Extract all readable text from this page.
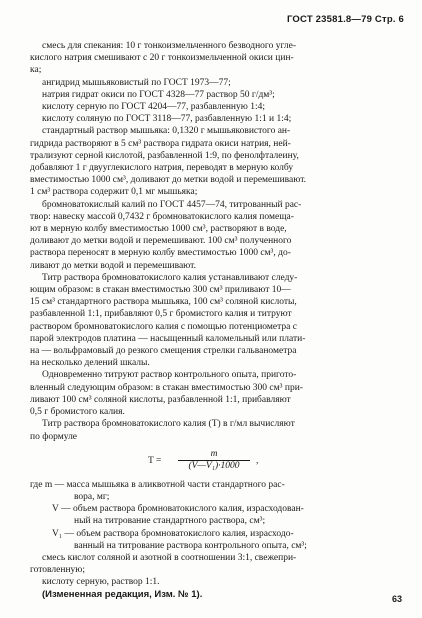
ГОСТ 23581.8—79 Стр. 6

смесь для спекания: 10 г тонкоизмельченного безводного угле-

кислого натрия смешивают с 20 г тонкоизмельченной окиси цин-

ка;

ангидрид мышьяковистый по ГОСТ 1973—77;

натрия гидрат окиси по ГОСТ 4328—77 раствор 50 г/дм³;

кислоту серную по ГОСТ 4204—77, разбавленную 1:4;

кислоту соляную по ГОСТ 3118—77, разбавленную 1:1 и 1:4;

стандартный раствор мышьяка: 0,1320 г мышьяковистого ан-

гидрида растворяют в 5 см³ раствора гидрата окиси натрия, ней-

трализуют серной кислотой, разбавленной 1:9, по фенолфталеину,

добавляют 1 г двууглекислого натрия, переводят в мерную колбу

вместимостью 1000 см³, доливают до метки водой и перемешивают.

1 см³ раствора содержит 0,1 мг мышьяка;

бромноватокислый калий по ГОСТ 4457—74, титрованный рас-

твор: навеску массой 0,7432 г бромноватокислого калия помеща-

ют в мерную колбу вместимостью 1000 см³, растворяют в воде,

доливают до метки водой и перемешивают. 100 см³ полученного

раствора переносят в мерную колбу вместимостью 1000 см³, до-

ливают до метки водой и перемешивают.

Титр раствора бромноватокислого калия устанавливают следу-

ющим образом: в стакан вместимостью 300 см³ приливают 10—

15 см³ стандартного раствора мышьяка, 100 см³ соляной кислоты,

разбавленной 1:1, прибавляют 0,5 г бромистого калия и титруют

раствором бромноватокислого калия с помощью потенциометра с

парой электродов платина — насыщенный каломельный или плати-

на — вольфрамовый до резкого смещения стрелки гальванометра

на несколько делений шкалы.

Одновременно титруют раствор контрольного опыта, пригото-

вленный следующим образом: в стакан вместимостью 300 см³ при-

ливают 100 см³ соляной кислоты, разбавленной 1:1, прибавляют

0,5 г бромистого калия.

Титр раствора бромноватокислого калия (T) в г/мл вычисляют

по формуле

$T = \frac{m}{\text{(V—V₁)·1000}}$ ,

где m — масса мышьяка в аликвотной части стандартного рас-

вора, мг;

V — объем раствора бромноватокислого калия, израсходован-

ный на титрование стандартного раствора, см³;

V₁ — объем раствора бромноватокислого калия, израсходо-

ванный на титрование раствора контрольного опыта, см³;

смесь кислот соляной и азотной в соотношении 3:1, свежепри-

готовленную;

кислоту серную, раствор 1:1.

(Измененная редакция, Изм. № 1).	63
